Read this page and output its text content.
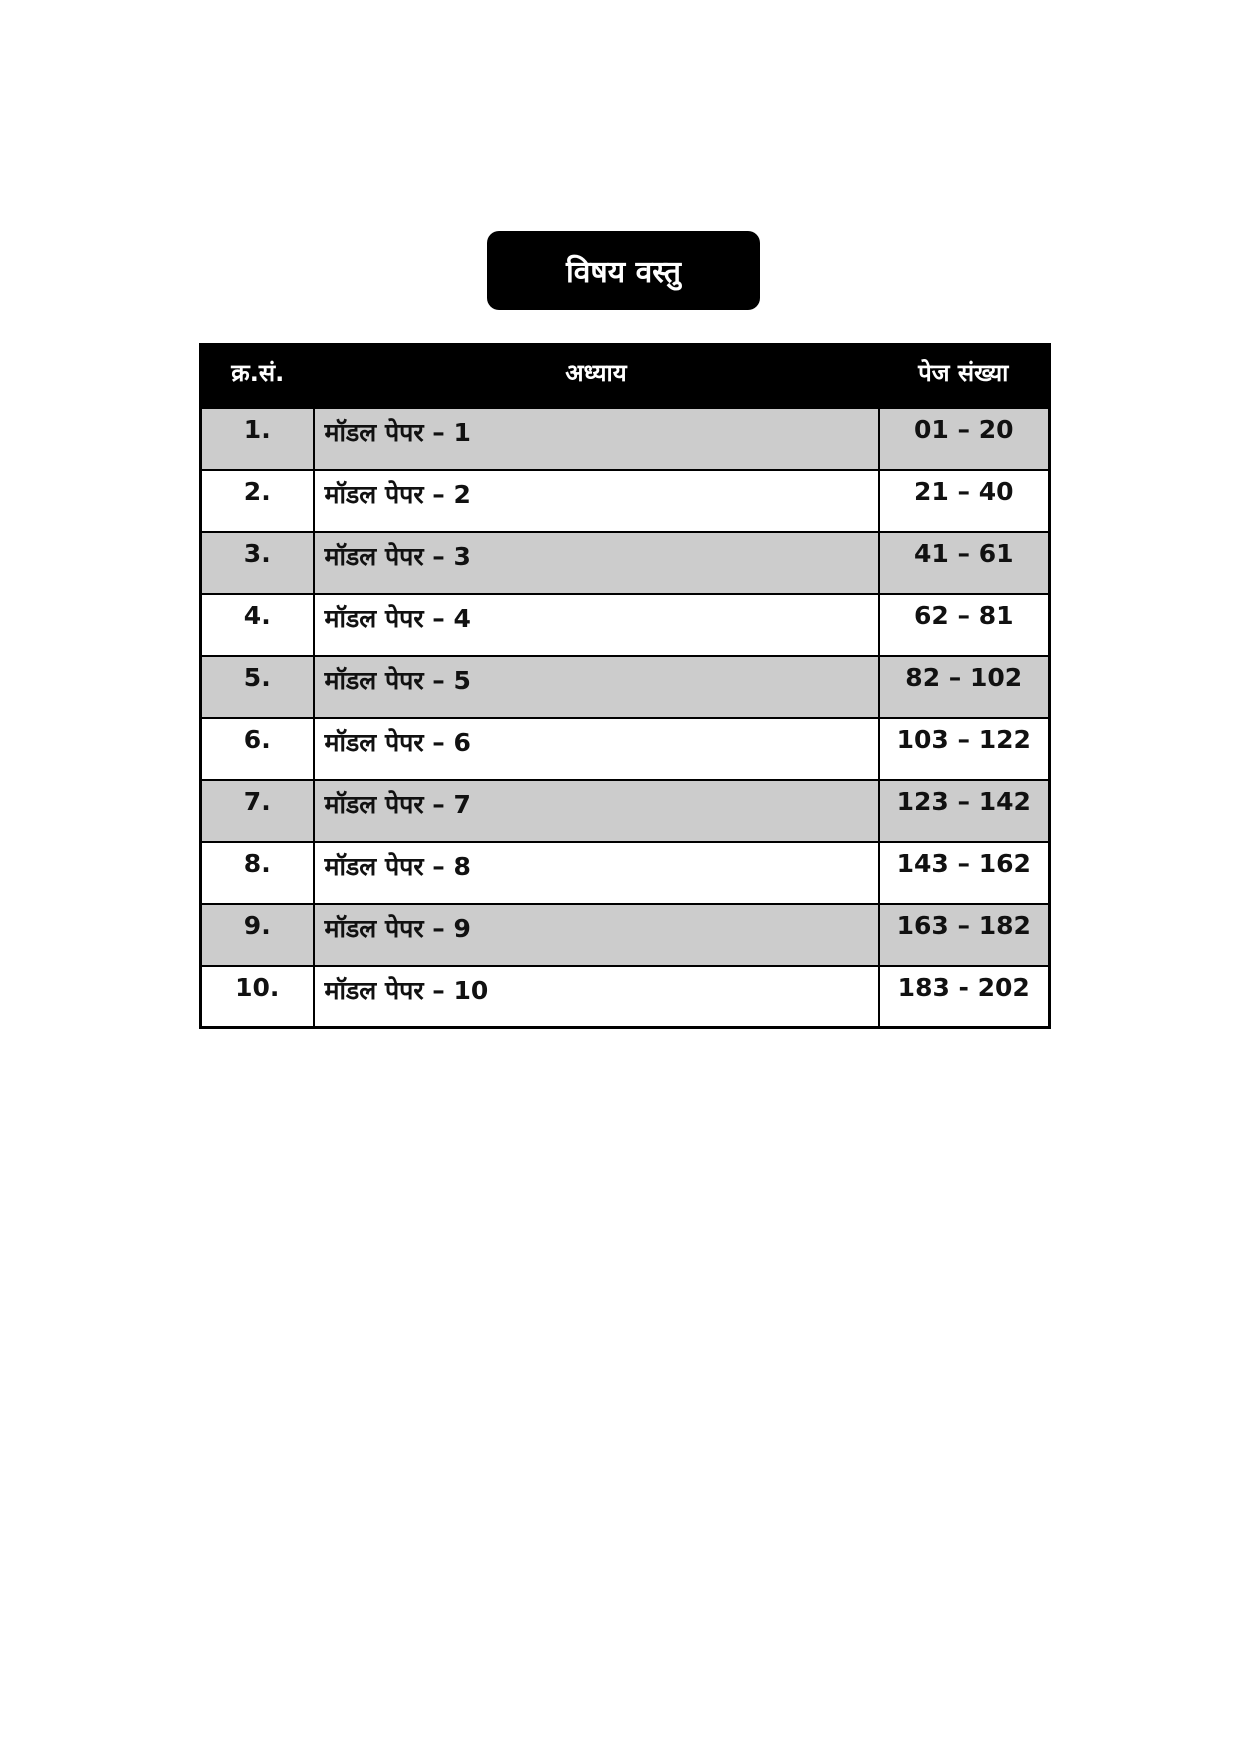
विषय वस्तु
क्र.सं.	अध्याय	पेज संख्या
1.	मॉडल पेपर – 1	01 – 20
2.	मॉडल पेपर – 2	21 – 40
3.	मॉडल पेपर – 3	41 – 61
4.	मॉडल पेपर – 4	62 – 81
5.	मॉडल पेपर – 5	82 – 102
6.	मॉडल पेपर – 6	103 – 122
7.	मॉडल पेपर – 7	123 – 142
8.	मॉडल पेपर – 8	143 – 162
9.	मॉडल पेपर – 9	163 – 182
10.	मॉडल पेपर – 10	183 - 202
